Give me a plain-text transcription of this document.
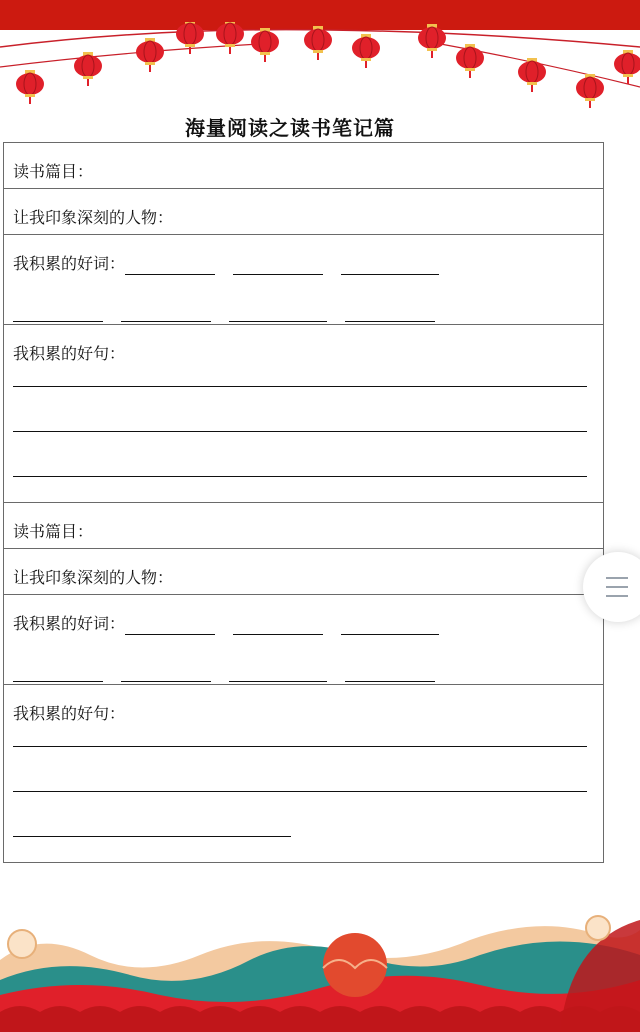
海量阅读之读书笔记篇
读书篇目：

让我印象深刻的人物：

我积累的好词：

我积累的好句：

读书篇目：

让我印象深刻的人物：

我积累的好词：

我积累的好句：
